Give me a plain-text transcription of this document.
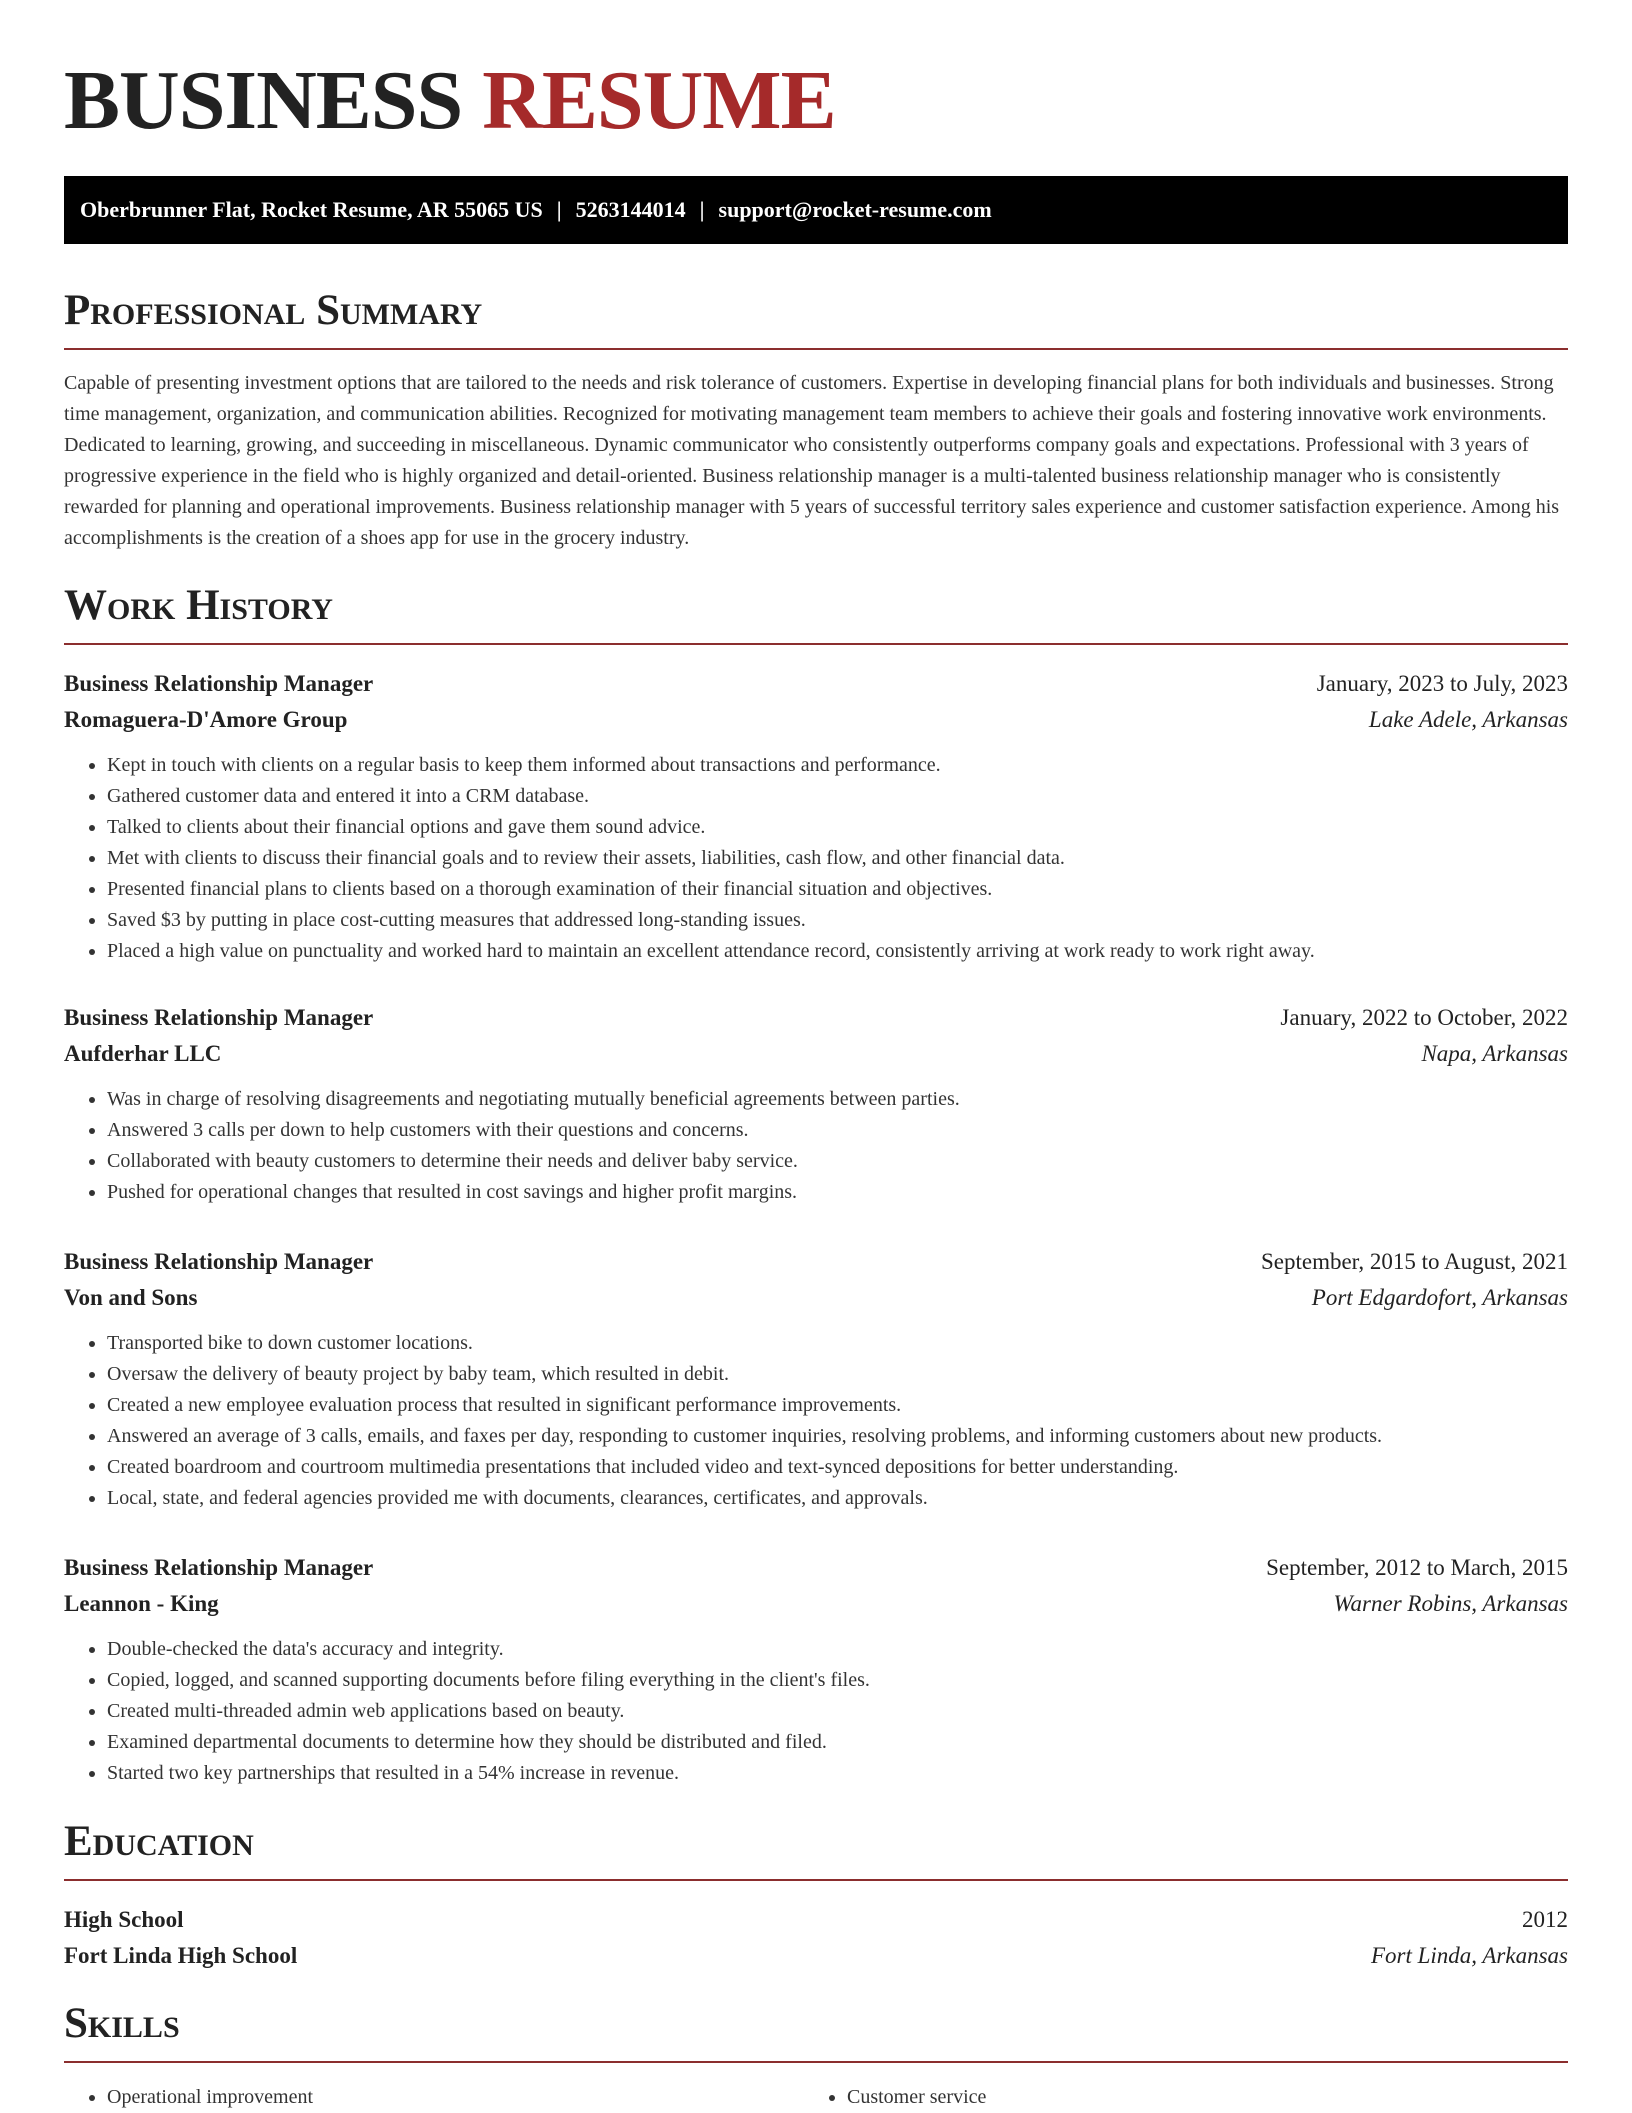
BUSINESS RESUME
Oberbrunner Flat, Rocket Resume, AR 55065 US | 5263144014 | support@rocket-resume.com
Professional Summary

Capable of presenting investment options that are tailored to the needs and risk tolerance of customers. Expertise in developing financial plans for both individuals and businesses. Strong time management, organization, and communication abilities. Recognized for motivating management team members to achieve their goals and fostering innovative work environments. Dedicated to learning, growing, and succeeding in miscellaneous. Dynamic communicator who consistently outperforms company goals and expectations. Professional with 3 years of progressive experience in the field who is highly organized and detail-oriented. Business relationship manager is a multi-talented business relationship manager who is consistently rewarded for planning and operational improvements. Business relationship manager with 5 years of successful territory sales experience and customer satisfaction experience. Among his accomplishments is the creation of a shoes app for use in the grocery industry.

Work History
Business Relationship Manager	January, 2023 to July, 2023
Romaguera-D'Amore Group	Lake Adele, Arkansas
• Kept in touch with clients on a regular basis to keep them informed about transactions and performance.
• Gathered customer data and entered it into a CRM database.
• Talked to clients about their financial options and gave them sound advice.
• Met with clients to discuss their financial goals and to review their assets, liabilities, cash flow, and other financial data.
• Presented financial plans to clients based on a thorough examination of their financial situation and objectives.
• Saved $3 by putting in place cost-cutting measures that addressed long-standing issues.
• Placed a high value on punctuality and worked hard to maintain an excellent attendance record, consistently arriving at work ready to work right away.
Business Relationship Manager	January, 2022 to October, 2022
Aufderhar LLC	Napa, Arkansas
• Was in charge of resolving disagreements and negotiating mutually beneficial agreements between parties.
• Answered 3 calls per down to help customers with their questions and concerns.
• Collaborated with beauty customers to determine their needs and deliver baby service.
• Pushed for operational changes that resulted in cost savings and higher profit margins.
Business Relationship Manager	September, 2015 to August, 2021
Von and Sons	Port Edgardofort, Arkansas
• Transported bike to down customer locations.
• Oversaw the delivery of beauty project by baby team, which resulted in debit.
• Created a new employee evaluation process that resulted in significant performance improvements.
• Answered an average of 3 calls, emails, and faxes per day, responding to customer inquiries, resolving problems, and informing customers about new products.
• Created boardroom and courtroom multimedia presentations that included video and text-synced depositions for better understanding.
• Local, state, and federal agencies provided me with documents, clearances, certificates, and approvals.
Business Relationship Manager	September, 2012 to March, 2015
Leannon - King	Warner Robins, Arkansas
• Double-checked the data's accuracy and integrity.
• Copied, logged, and scanned supporting documents before filing everything in the client's files.
• Created multi-threaded admin web applications based on beauty.
• Examined departmental documents to determine how they should be distributed and filed.
• Started two key partnerships that resulted in a 54% increase in revenue.
Education
High School	2012
Fort Linda High School	Fort Linda, Arkansas
Skills
• Operational improvement
•	Customer service
